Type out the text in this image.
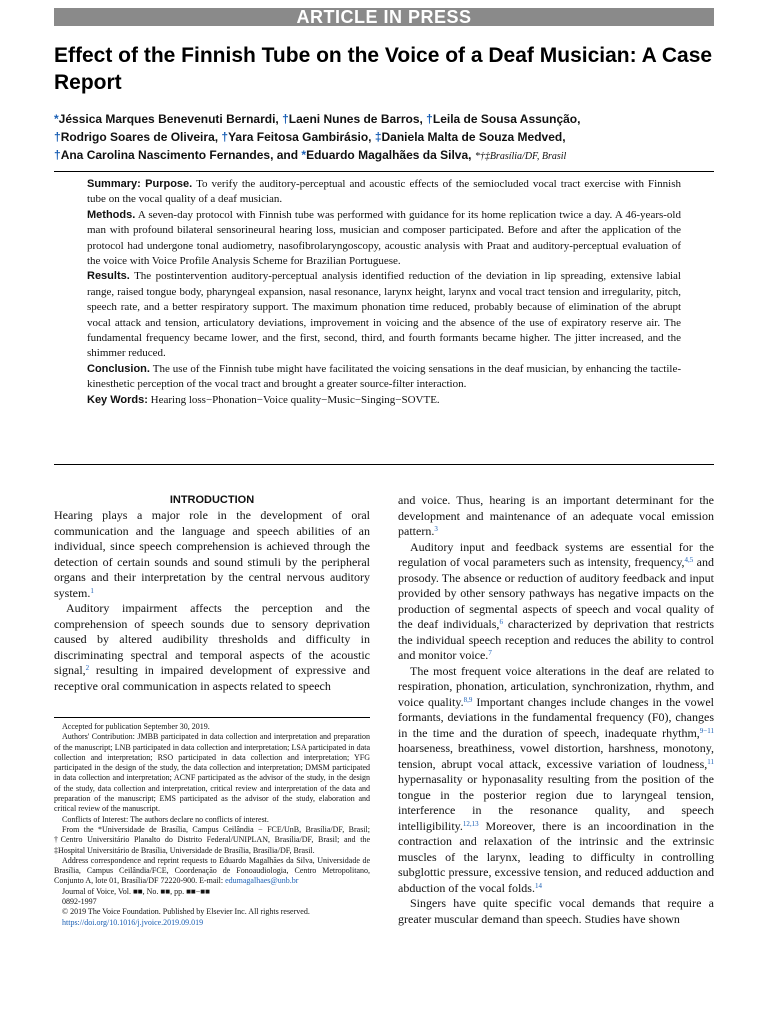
ARTICLE IN PRESS
Effect of the Finnish Tube on the Voice of a Deaf Musician: A Case Report
*Jéssica Marques Benevenuti Bernardi, †Laeni Nunes de Barros, †Leila de Sousa Assunção,
†Rodrigo Soares de Oliveira, †Yara Feitosa Gambirásio, ‡Daniela Malta de Souza Medved,
†Ana Carolina Nascimento Fernandes, and *Eduardo Magalhães da Silva, *†‡Brasília/DF, Brasil

Summary: Purpose. To verify the auditory-perceptual and acoustic effects of the semiocluded vocal tract exercise with Finnish tube on the vocal quality of a deaf musician.

Methods. A seven-day protocol with Finnish tube was performed with guidance for its home replication twice a day. A 46-years-old man with profound bilateral sensorineural hearing loss, musician and composer participated. Before and after the application of the protocol had undergone tonal audiometry, nasofibrolaryngoscopy, acoustic analysis with Praat and auditory-perceptual evaluation of the voice with Voice Profile Analysis Scheme for Brazilian Portuguese.

Results. The postintervention auditory-perceptual analysis identified reduction of the deviation in lip spreading, extensive labial range, raised tongue body, pharyngeal expansion, nasal resonance, larynx height, larynx and vocal tract tension and irregularity, pitch, speech rate, and a better respiratory support. The maximum phonation time reduced, probably because of elimination of the abrupt vocal attack and tension, articulatory deviations, improvement in voicing and the absence of the use of expiratory reserve air. The fundamental frequency became lower, and the first, second, third, and fourth formants became higher. The jitter increased, and the shimmer reduced.

Conclusion. The use of the Finnish tube might have facilitated the voicing sensations in the deaf musician, by enhancing the tactile-kinesthetic perception of the vocal tract and brought a greater source-filter interaction.

Key Words: Hearing loss−Phonation−Voice quality−Music−Singing−SOVTE.

INTRODUCTION

Hearing plays a major role in the development of oral communication and the language and speech abilities of an individual, since speech comprehension is achieved through the detection of certain sounds and sound stimuli by the peripheral organs and their interpretation by the central nervous auditory system.$^1$

Auditory impairment affects the perception and the comprehension of speech sounds due to sensory deprivation caused by altered audibility thresholds and difficulty in discriminating spectral and temporal aspects of the acoustic signal,$^2$ resulting in impaired development of expressive and receptive oral communication in aspects related to speech

Accepted for publication September 30, 2019.

Authors' Contribution: JMBB participated in data collection and interpretation and preparation of the manuscript; LNB participated in data collection and interpretation; LSA participated in data collection and interpretation; RSO participated in data collection and interpretation; YFG participated in the design of the study, the data collection and interpretation; DMSM participated in data collection and interpretation; ACNF participated as the advisor of the study, in the design of the study, data collection and interpretation, critical review and interpretation of the data and preparation of the manuscript; EMS participated as the advisor of the study, elaboration and critical review of the manuscript.

Conflicts of Interest: The authors declare no conflicts of interest.

From the *Universidade de Brasília, Campus Ceilândia − FCE/UnB, Brasília/DF, Brasil; †Centro Universitário Planalto do Distrito Federal/UNIPLAN, Brasília/DF, Brasil; and the ‡Hospital Universitário de Brasília, Universidade de Brasília, Brasília/DF, Brasil.

Address correspondence and reprint requests to Eduardo Magalhães da Silva, Universidade de Brasília, Campus Ceilândia/FCE, Coordenação de Fonoaudiologia, Centro Metropolitano, Conjunto A, lote 01, Brasília/DF 72220-900. E-mail: edumagalhaes@unb.br

Journal of Voice, Vol. ■■, No. ■■, pp. ■■−■■

0892-1997

© 2019 The Voice Foundation. Published by Elsevier Inc. All rights reserved.

https://doi.org/10.1016/j.jvoice.2019.09.019

and voice. Thus, hearing is an important determinant for the development and maintenance of an adequate vocal emission pattern.$^3$

Auditory input and feedback systems are essential for the regulation of vocal parameters such as intensity, frequency,$^{4,5}$ and prosody. The absence or reduction of auditory feedback and input provided by other sensory pathways has negative impacts on the production of segmental aspects of speech and vocal quality of the deaf individuals,$^6$ characterized by deprivation that restricts the individual speech reception and reduces the ability to control and monitor voice.$^7$

The most frequent voice alterations in the deaf are related to respiration, phonation, articulation, synchronization, rhythm, and voice quality.$^{8,9}$ Important changes include changes in the vowel formants, deviations in the fundamental frequency (F0), changes in the time and the duration of speech, inadequate rhythm,$^{9-11}$ hoarseness, breathiness, vowel distortion, harshness, monotony, tension, abrupt vocal attack, excessive variation of loudness,$^{11}$ hypernasality or hyponasality resulting from the position of the tongue in the posterior region due to laryngeal tension, interference in the resonance quality, and speech intelligibility.$^{12,13}$ Moreover, there is an incoordination in the contraction and relaxation of the intrinsic and the extrinsic muscles of the larynx, leading to difficulty in controlling subglottic pressure, excessive tension, and reduced adduction and abduction of the vocal folds.$^{14}$

Singers have quite specific vocal demands that require a greater muscular demand than speech. Studies have shown
